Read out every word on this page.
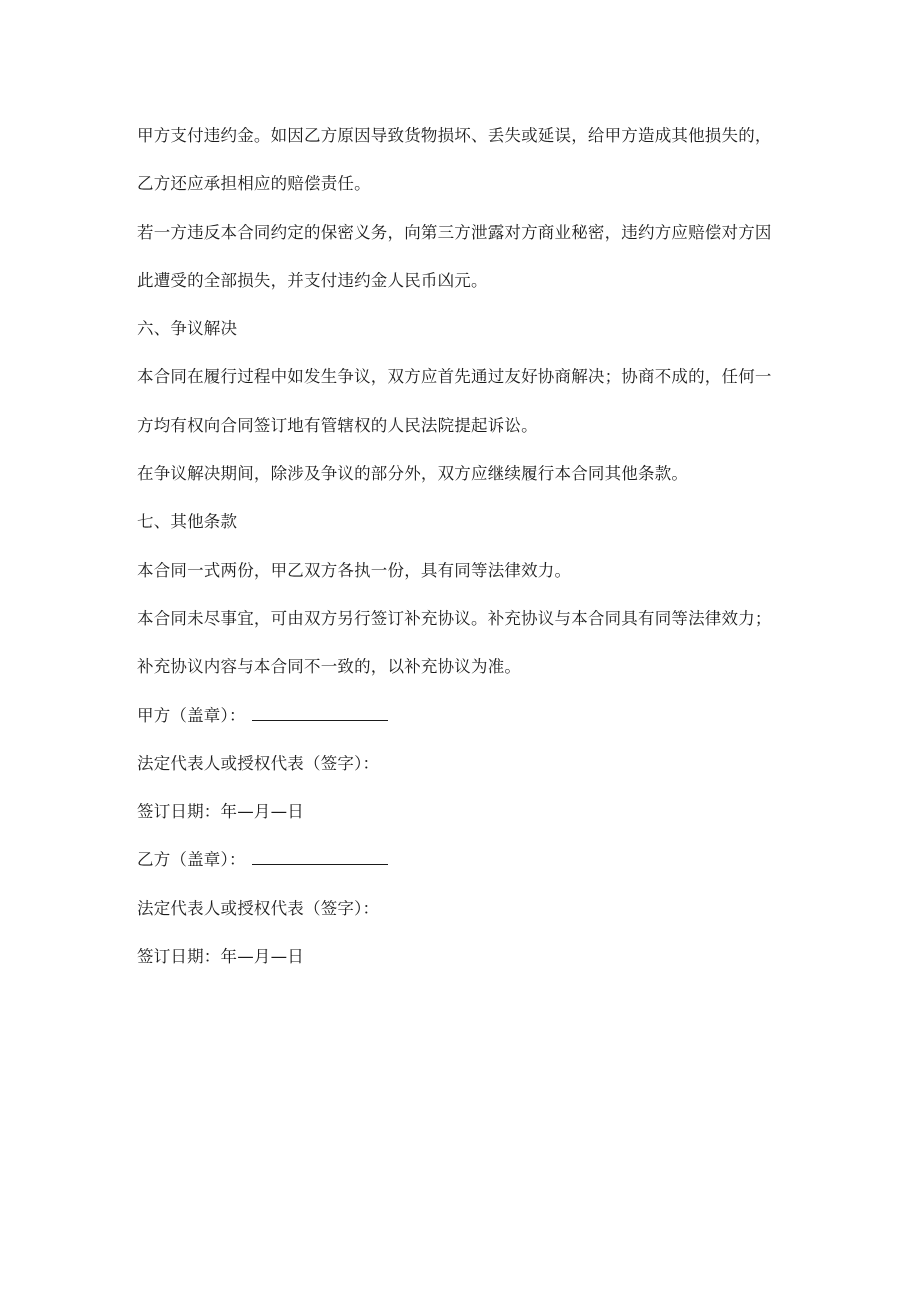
甲方支付违约金。如因乙方原因导致货物损坏、丢失或延误，给甲方造成其他损失的，
乙方还应承担相应的赔偿责任。
若一方违反本合同约定的保密义务，向第三方泄露对方商业秘密，违约方应赔偿对方因
此遭受的全部损失，并支付违约金人民币凶元。
六、争议解决
本合同在履行过程中如发生争议，双方应首先通过友好协商解决；协商不成的，任何一
方均有权向合同签订地有管辖权的人民法院提起诉讼。
在争议解决期间，除涉及争议的部分外，双方应继续履行本合同其他条款。
七、其他条款
本合同一式两份，甲乙双方各执一份，具有同等法律效力。
本合同未尽事宜，可由双方另行签订补充协议。补充协议与本合同具有同等法律效力；
补充协议内容与本合同不一致的，以补充协议为准。
甲方（盖章）：
法定代表人或授权代表（签字）：
签订日期：年—月—日
乙方（盖章）：
法定代表人或授权代表（签字）：
签订日期：年—月—日
